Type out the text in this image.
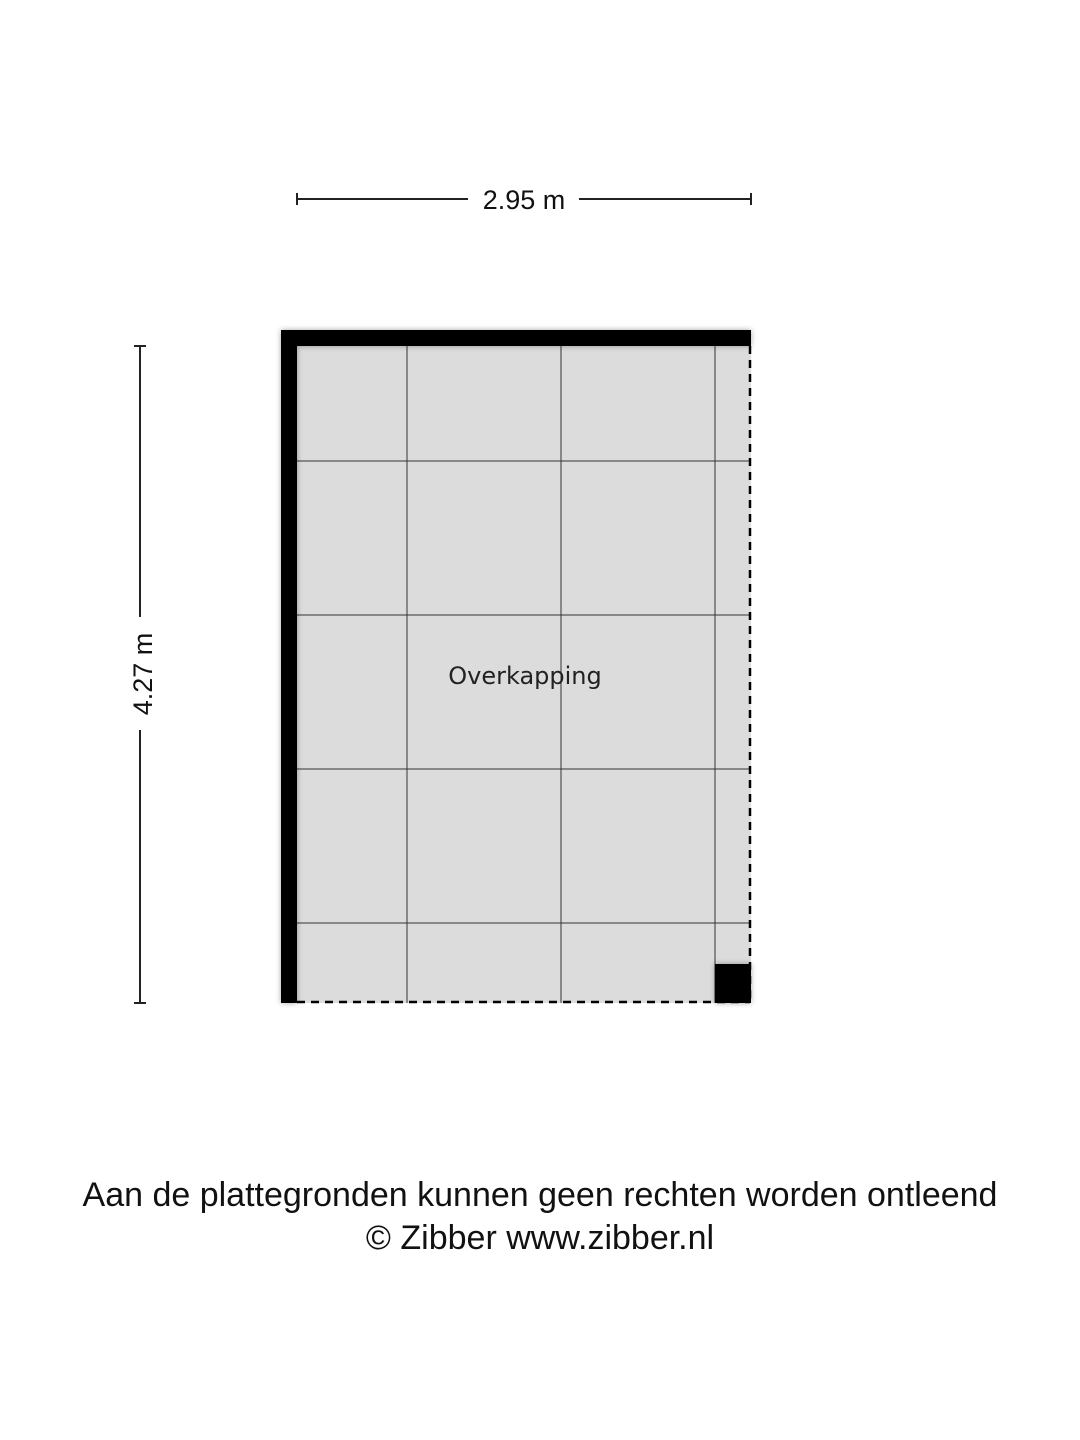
2.95 m
4.27 m	Overkapping
Aan de plattegronden kunnen geen rechten worden ontleend
© Zibber www.zibber.nl
